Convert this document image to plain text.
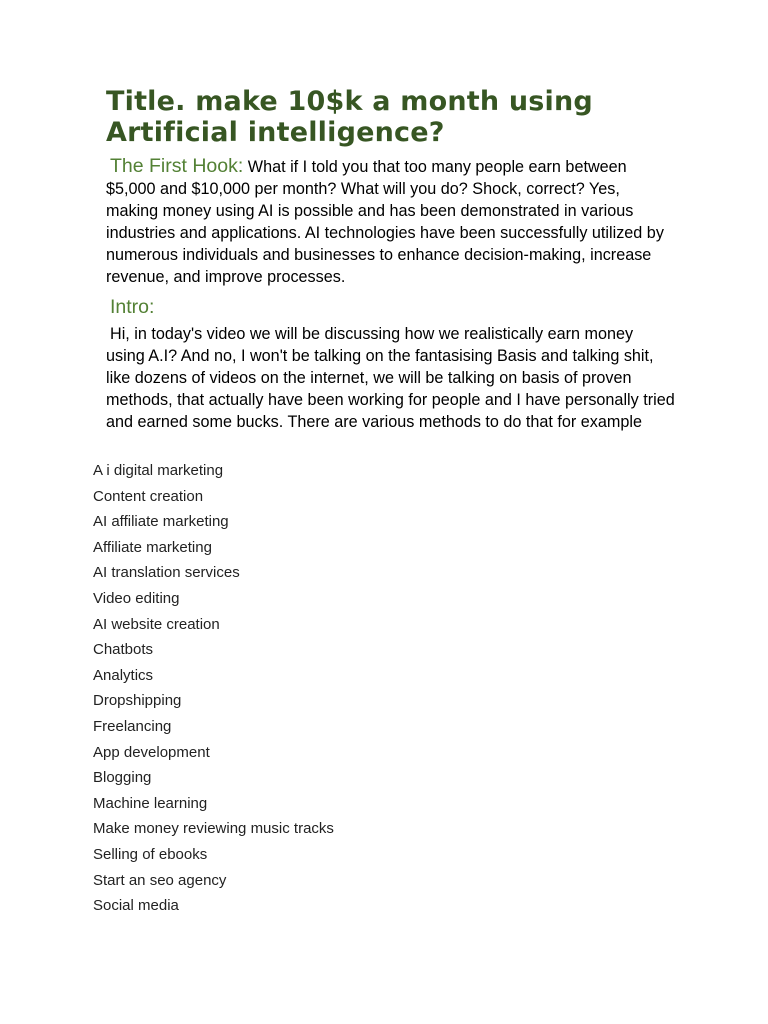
Title. make 10$k a month using Artificial intelligence?

The First Hook: What if I told you that too many people earn between $5,000 and $10,000 per month? What will you do? Shock, correct? Yes, making money using AI is possible and has been demonstrated in various industries and applications. AI technologies have been successfully utilized by numerous individuals and businesses to enhance decision-making, increase revenue, and improve processes.

Intro:

Hi, in today's video we will be discussing how we realistically earn money using A.I? And no, I won't be talking on the fantasising Basis and talking shit, like dozens of videos on the internet, we will be talking on basis of proven methods, that actually have been working for people and I have personally tried and earned some bucks. There are various methods to do that for example

A i digital marketing
Content creation
AI affiliate marketing
Affiliate marketing
AI translation services
Video editing
AI website creation
Chatbots
Analytics
Dropshipping
Freelancing
App development
Blogging
Machine learning
Make money reviewing music tracks
Selling of ebooks
Start an seo agency
Social media
